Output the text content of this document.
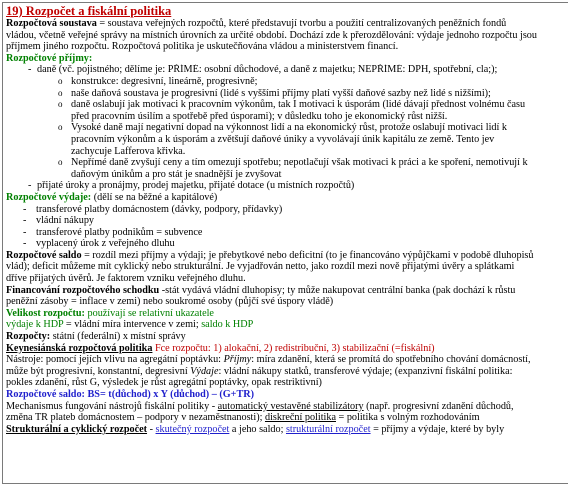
19) Rozpočet a fiskální politika

Rozpočtová soustava = soustava veřejných rozpočtů, které představují tvorbu a použití centralizovaných peněžních fondů

vládou, včetně veřejné správy na místních úrovních za určité období. Dochází zde k přerozdělování: výdaje jednoho rozpočtu jsou

příjmem jiného rozpočtu. Rozpočtová politika je uskutečňována vládou a ministerstvem financí.

Rozpočtové příjmy:

- daně (vč. pojistného; dělíme je: PŘÍMÉ: osobní důchodové, a daně z majetku; NEPŘÍMÉ: DPH, spotřební, cla;);

o konstrukce: degresivní, lineárně, progresivně;

o naše daňová soustava je progresivní (lidé s vyššími příjmy platí vyšší daňové sazby než lidé s nižšími);

o daně oslabují jak motivaci k pracovním výkonům, tak I motivaci k úsporám (lidé dávají přednost volnému času

před pracovním úsilím a spotřebě před úsporami); v důsledku toho je ekonomický růst nižší.

o Vysoké daně mají negativní dopad na výkonnost lidí a na ekonomický růst, protože oslabují motivaci lidí k

pracovním výkonům a k úsporám a zvětšují daňové úniky a vyvolávají únik kapitálu ze země. Tento jev

zachycuje Lafferova křivka.

o Nepřímé daně zvyšují ceny a tím omezují spotřebu; nepotlačují však motivaci k práci a ke spoření, nemotivují k

daňovým únikům a pro stát je snadnější je zvyšovat

- přijaté úroky a pronájmy, prodej majetku, přijaté dotace (u místních rozpočtů)

Rozpočtové výdaje: (dělí se na běžné a kapitálové)

- transferové platby domácnostem (dávky, podpory, přídavky)

- vládní nákupy

- transferové platby podnikům = subvence

- vyplacený úrok z veřejného dluhu

Rozpočtové saldo = rozdíl mezi příjmy a výdaji; je přebytkové nebo deficitní (to je financováno výpůjčkami v podobě dluhopisů

vlád); deficit můžeme mít cyklický nebo strukturální. Je vyjadřován netto, jako rozdíl mezi nově přijatými úvěry a splátkami

dříve přijatých úvěrů. Je faktorem vzniku veřejného dluhu.

Financování rozpočtového schodku -stát vydává vládní dluhopisy; ty může nakupovat centrální banka (pak dochází k růstu

peněžní zásoby = inflace v zemi) nebo soukromé osoby (půjčí své úspory vládě)

Velikost rozpočtu: používají se relativní ukazatele

výdaje k HDP = vládní míra intervence v zemi; saldo k HDP

Rozpočty: státní (federální) x místní správy

Keynesiánská rozpočtová politika Fce rozpočtu: 1) alokační, 2) redistribuční, 3) stabilizační (=fiskální)

Nástroje: pomocí jejích vlivu na agregátní poptávku: Příjmy: míra zdanění, která se promítá do spotřebního chování domácností,

může být progresivní, konstantní, degresivní Výdaje: vládní nákupy statků, transferové výdaje; (expanzivní fiskální politika:

pokles zdanění, růst G, výsledek je růst agregátní poptávky, opak restriktivní)

Rozpočtové saldo: BS= t(důchod) x Y (důchod) – (G+TR)

Mechanismus fungování nástrojů fiskální politiky - automatický vestavěné stabilizátory (např. progresivní zdanění důchodů,

změna TR plateb domácnostem – podpory v nezaměstnanosti); diskreční politika = politika s volným rozhodováním

Strukturální a cyklický rozpočet - skutečný rozpočet a jeho saldo; strukturální rozpočet = příjmy a výdaje, které by byly
